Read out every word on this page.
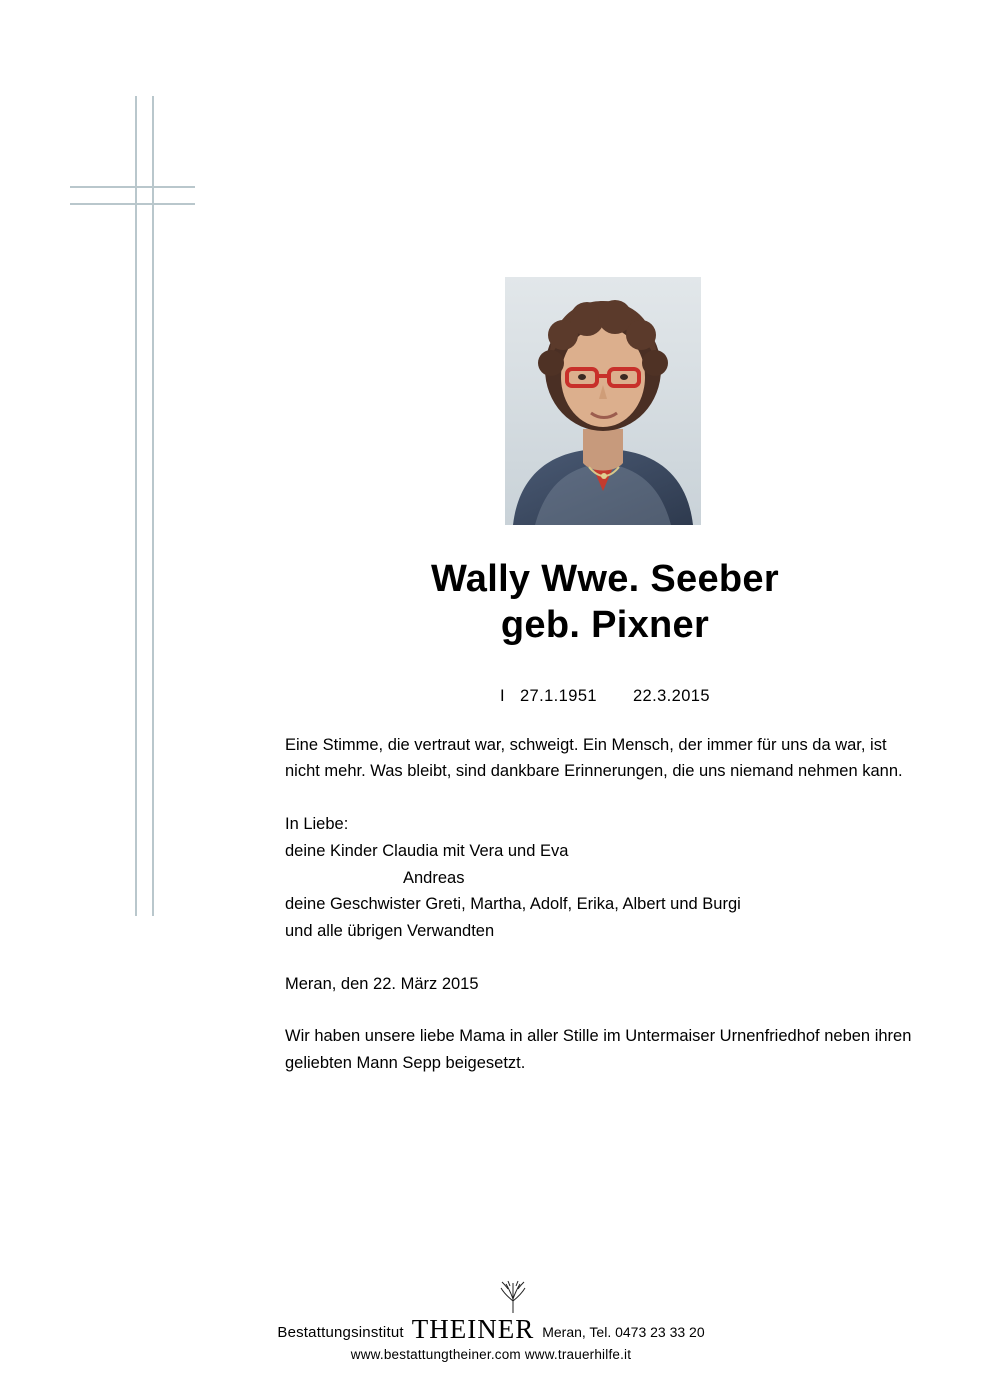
Wally Wwe. Seeber
geb. Pixner
I 27.1.1951 22.3.2015

Eine Stimme, die vertraut war, schweigt. Ein Mensch, der immer für uns da war, ist nicht mehr. Was bleibt, sind dankbare Erinnerungen, die uns niemand nehmen kann.

In Liebe:
deine Kinder Claudia mit Vera und Eva
Andreas
deine Geschwister Greti, Martha, Adolf, Erika, Albert und Burgi
und alle übrigen Verwandten
Meran, den 22. März 2015

Wir haben unsere liebe Mama in aller Stille im Untermaiser Urnenfriedhof neben ihren geliebten Mann Sepp beigesetzt.

Bestattungsinstitut THEINER Meran, Tel. 0473 23 33 20
www.bestattungtheiner.com www.trauerhilfe.it
